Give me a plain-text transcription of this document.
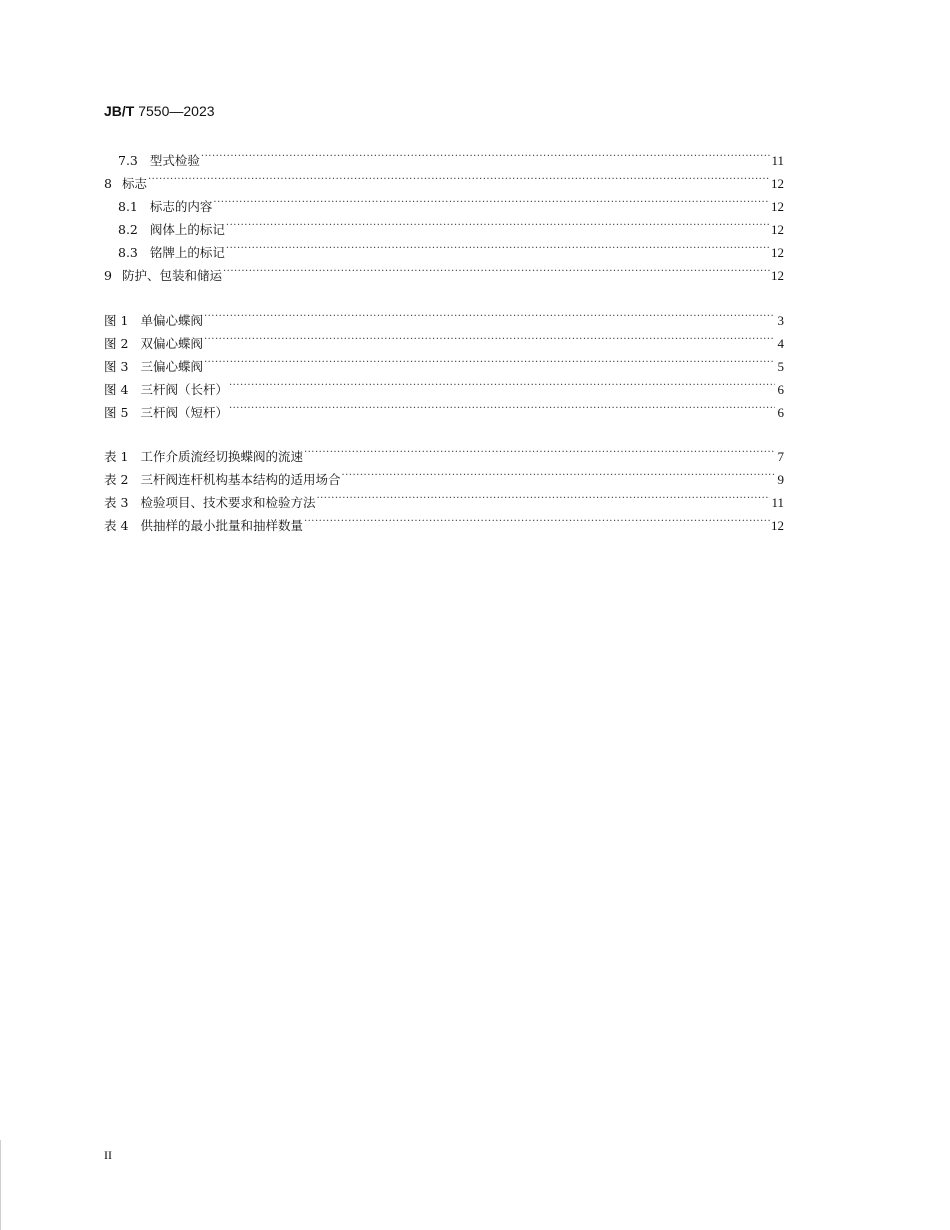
JB/T 7550—2023
7.3 型式检验 .....	11
8 标志 .....	12
8.1 标志的内容 .....	12
8.2 阀体上的标记 .....	12
8.3 铭牌上的标记 .....	12
9 防护、包装和储运 .....	12
图 1 单偏心蝶阀 .....	3
图 2 双偏心蝶阀 .....	4
图 3 三偏心蝶阀 .....	5
图 4 三杆阀（长杆） .....	6
图 5 三杆阀（短杆） .....	6
表 1 工作介质流经切换蝶阀的流速 .....	7
表 2 三杆阀连杆机构基本结构的适用场合 .....	9
表 3 检验项目、技术要求和检验方法 .....	11
表 4 供抽样的最小批量和抽样数量 .....	12
II
